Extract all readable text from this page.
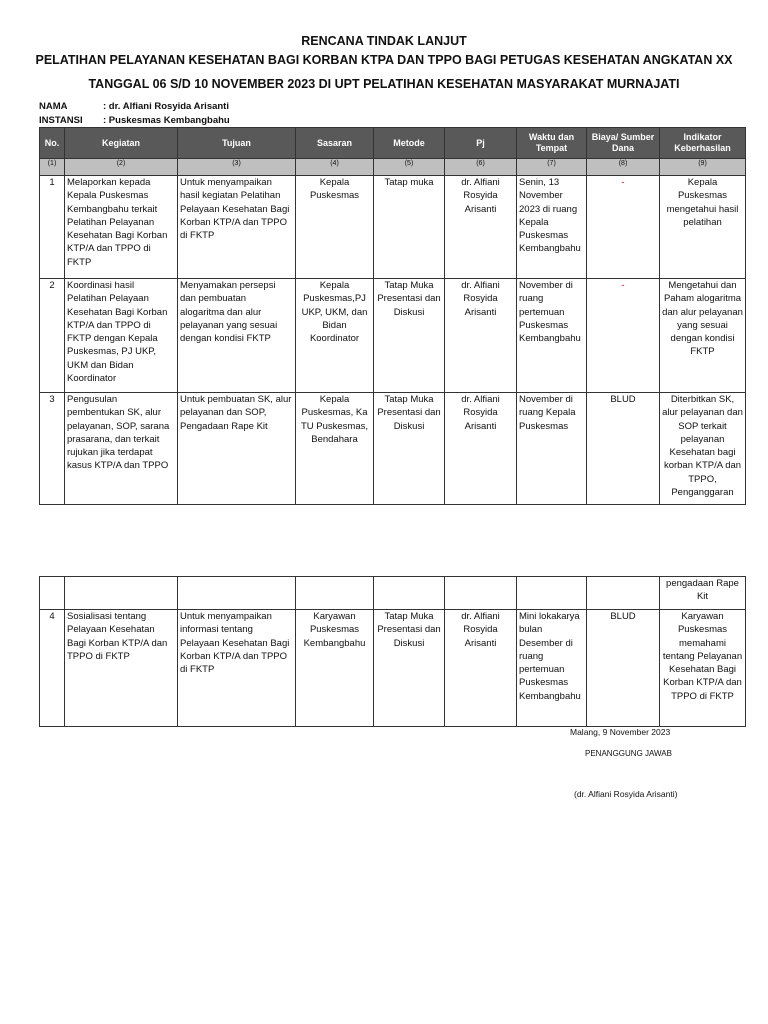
RENCANA TINDAK LANJUT
PELATIHAN PELAYANAN KESEHATAN BAGI KORBAN KTPA DAN TPPO BAGI PETUGAS KESEHATAN ANGKATAN XX
TANGGAL 06 S/D 10 NOVEMBER 2023 DI UPT PELATIHAN KESEHATAN MASYARAKAT MURNAJATI
NAMA	: dr. Alfiani Rosyida Arisanti
INSTANSI : Puskesmas Kembangbahu
No.	Kegiatan	Tujuan	Sasaran	Metode	Pj	Waktu dan Tempat	Biaya/ Sumber Dana	Indikator Keberhasilan
(1)	(2)	(3)	(4)	(5)	(6)	(7)	(8)	(9)
1	Melaporkan kepada Kepala Puskesmas Kembangbahu terkait Pelatihan Pelayanan Kesehatan Bagi Korban KTP/A dan TPPO di FKTP	Untuk menyampaikan hasil kegiatan Pelatihan Pelayaan Kesehatan Bagi Korban KTP/A dan TPPO di FKTP	Kepala Puskesmas	Tatap muka	dr. Alfiani Rosyida Arisanti	Senin, 13 November 2023 di ruang Kepala Puskesmas Kembangbahu	-	Kepala Puskesmas mengetahui hasil pelatihan
2	Koordinasi hasil Pelatihan Pelayaan Kesehatan Bagi Korban KTP/A dan TPPO di FKTP dengan Kepala Puskesmas, PJ UKP, UKM dan Bidan Koordinator	Menyamakan persepsi dan pembuatan alogaritma dan alur pelayanan yang sesuai dengan kondisi FKTP	Kepala Puskesmas,PJ UKP, UKM, dan Bidan Koordinator	Tatap Muka Presentasi dan Diskusi	dr. Alfiani Rosyida Arisanti	November di ruang pertemuan Puskesmas Kembangbahu	-	Mengetahui dan Paham alogaritma dan alur pelayanan yang sesuai dengan kondisi FKTP
3	Pengusulan pembentukan SK, alur pelayanan, SOP, sarana prasarana, dan terkait rujukan jika terdapat kasus KTP/A dan TPPO	Untuk pembuatan SK, alur pelayanan dan SOP, Pengadaan Rape Kit	Kepala Puskesmas, Ka TU Puskesmas, Bendahara	Tatap Muka Presentasi dan Diskusi	dr. Alfiani Rosyida Arisanti	November di ruang Kepala Puskesmas	BLUD	Diterbitkan SK, alur pelayanan dan SOP terkait pelayanan Kesehatan bagi korban KTP/A dan TPPO, Penganggaran
								pengadaan Rape Kit
4	Sosialisasi tentang Pelayaan Kesehatan Bagi Korban KTP/A dan TPPO di FKTP	Untuk menyampaikan informasi tentang Pelayaan Kesehatan Bagi Korban KTP/A dan TPPO di FKTP	Karyawan Puskesmas Kembangbahu	Tatap Muka Presentasi dan Diskusi	dr. Alfiani Rosyida Arisanti	Mini lokakarya bulan Desember di ruang pertemuan Puskesmas Kembangbahu	BLUD	Karyawan Puskesmas memahami tentang Pelayanan Kesehatan Bagi Korban KTP/A dan TPPO di FKTP
Malang, 9 November 2023
PENANGGUNG JAWAB
(dr. Alfiani Rosyida Arisanti)
